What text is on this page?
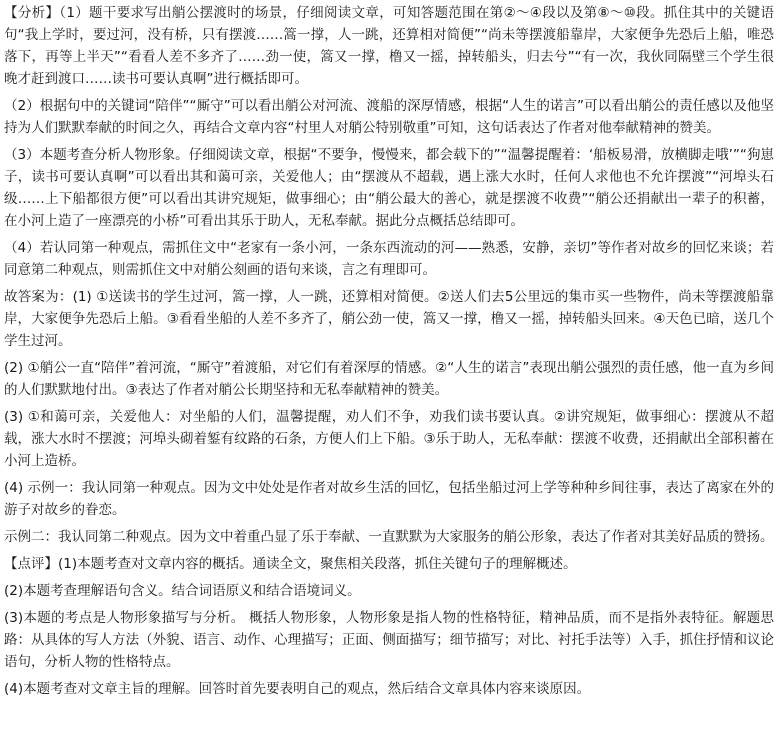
【分析】（1）题干要求写出艄公摆渡时的场景，仔细阅读文章，可知答题范围在第②～④段以及第⑧～⑩段。抓住其中的关键语句“我上学时，要过河，没有桥，只有摆渡……篙一撑，人一跳，还算相对简便”“尚未等摆渡船靠岸，大家便争先恐后上船，唯恐落下，再等上半天”“看看人差不多齐了……劲一使，篙又一撑，橹又一摇，掉转船头，归去兮”“有一次，我伙同隔壁三个学生很晚才赶到渡口……读书可要认真啊”进行概括即可。

（2）根据句中的关键词“陪伴”“厮守”可以看出艄公对河流、渡船的深厚情感，根据“人生的诺言”可以看出艄公的责任感以及他坚持为人们默默奉献的时间之久，再结合文章内容“村里人对艄公特别敬重”可知，这句话表达了作者对他奉献精神的赞美。

（3）本题考查分析人物形象。仔细阅读文章，根据“不要争，慢慢来，都会载下的”“温馨提醒着：‘船板易滑，放横脚走哦’”“狗崽子，读书可要认真啊”可以看出其和蔼可亲，关爱他人；由“摆渡从不超载，遇上涨大水时，任何人求他也不允许摆渡”“河埠头石级……上下船都很方便”可以看出其讲究规矩，做事细心；由“艄公最大的善心，就是摆渡不收费”“艄公还捐献出一辈子的积蓄，在小河上造了一座漂亮的小桥”可看出其乐于助人，无私奉献。据此分点概括总结即可。

（4）若认同第一种观点，需抓住文中“老家有一条小河，一条东西流动的河——熟悉，安静，亲切”等作者对故乡的回忆来谈；若同意第二种观点，则需抓住文中对艄公刻画的语句来谈，言之有理即可。

故答案为：(1) ①送读书的学生过河，篙一撑，人一跳，还算相对简便。②送人们去5公里远的集市买一些物件，尚未等摆渡船靠岸，大家便争先恐后上船。③看看坐船的人差不多齐了，艄公劲一使，篙又一撑，橹又一摇，掉转船头回来。④天色已暗，送几个学生过河。

(2) ①艄公一直“陪伴”着河流，“厮守”着渡船，对它们有着深厚的情感。②“人生的诺言”表现出艄公强烈的责任感，他一直为乡间的人们默默地付出。③表达了作者对艄公长期坚持和无私奉献精神的赞美。

(3) ①和蔼可亲，关爱他人：对坐船的人们，温馨提醒，劝人们不争，劝我们读书要认真。②讲究规矩，做事细心：摆渡从不超载，涨大水时不摆渡；河埠头砌着錾有纹路的石条，方便人们上下船。③乐于助人，无私奉献：摆渡不收费，还捐献出全部积蓄在小河上造桥。

(4) 示例一：我认同第一种观点。因为文中处处是作者对故乡生活的回忆，包括坐船过河上学等种种乡间往事，表达了离家在外的游子对故乡的眷恋。

示例二：我认同第二种观点。因为文中着重凸显了乐于奉献、一直默默为大家服务的艄公形象，表达了作者对其美好品质的赞扬。

【点评】(1)本题考查对文章内容的概括。通读全文，聚焦相关段落，抓住关键句子的理解概述。

(2)本题考查理解语句含义。结合词语原义和结合语境词义。

(3)本题的考点是人物形象描写与分析。 概括人物形象，人物形象是指人物的性格特征，精神品质，而不是指外表特征。解题思路：从具体的写人方法（外貌、语言、动作、心理描写；正面、侧面描写；细节描写；对比、衬托手法等）入手，抓住抒情和议论语句，分析人物的性格特点。

(4)本题考查对文章主旨的理解。回答时首先要表明自己的观点，然后结合文章具体内容来谈原因。
